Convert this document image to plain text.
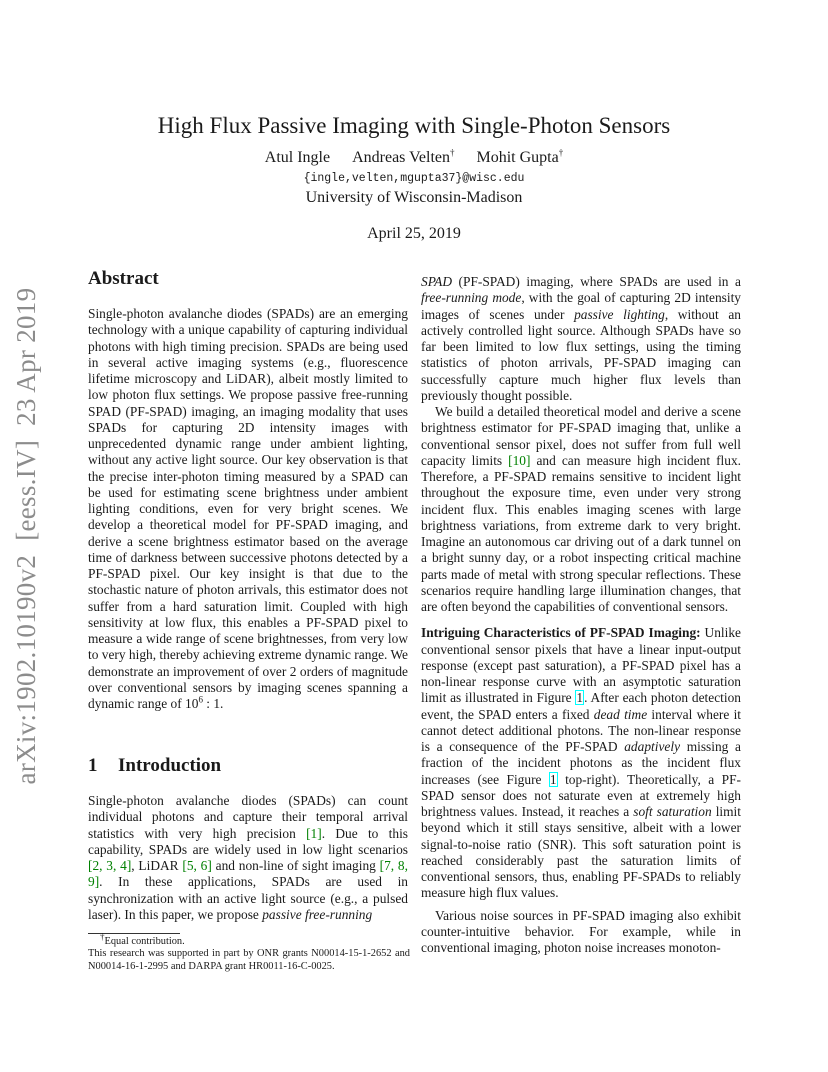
arXiv:1902.10190v2
[eess.IV]
23 Apr 2019
High Flux Passive Imaging with Single-Photon Sensors
Atul Ingle Andreas Velten† Mohit Gupta†
{ingle,velten,mgupta37}@wisc.edu
University of Wisconsin-Madison
April 25, 2019
Abstract

Single-photon avalanche diodes (SPADs) are an emerging technology with a unique capability of capturing individual photons with high timing precision. SPADs are being used in several active imaging systems (e.g., fluorescence lifetime microscopy and LiDAR), albeit mostly limited to low photon flux settings. We propose passive free-running SPAD (PF-SPAD) imaging, an imaging modality that uses SPADs for capturing 2D intensity images with unprecedented dynamic range under ambient lighting, without any active light source. Our key observation is that the precise inter-photon timing measured by a SPAD can be used for estimating scene brightness under ambient lighting conditions, even for very bright scenes. We develop a theoretical model for PF-SPAD imaging, and derive a scene brightness estimator based on the average time of darkness between successive photons detected by a PF-SPAD pixel. Our key insight is that due to the stochastic nature of photon arrivals, this estimator does not suffer from a hard saturation limit. Coupled with high sensitivity at low flux, this enables a PF-SPAD pixel to measure a wide range of scene brightnesses, from very low to very high, thereby achieving extreme dynamic range. We demonstrate an improvement of over 2 orders of magnitude over conventional sensors by imaging scenes spanning a dynamic range of $10^6$ : 1.

1 Introduction

Single-photon avalanche diodes (SPADs) can count individual photons and capture their temporal arrival statistics with very high precision [1]. Due to this capability, SPADs are widely used in low light scenarios [2, 3, 4], LiDAR [5, 6] and non-line of sight imaging [7, 8, 9]. In these applications, SPADs are used in synchronization with an active light source (e.g., a pulsed laser). In this paper, we propose passive free-running

†Equal contribution.

This research was supported in part by ONR grants N00014-15-1-2652 and N00014-16-1-2995 and DARPA grant HR0011-16-C-0025.

SPAD (PF-SPAD) imaging, where SPADs are used in a free-running mode, with the goal of capturing 2D intensity images of scenes under passive lighting, without an actively controlled light source. Although SPADs have so far been limited to low flux settings, using the timing statistics of photon arrivals, PF-SPAD imaging can successfully capture much higher flux levels than previously thought possible.

We build a detailed theoretical model and derive a scene brightness estimator for PF-SPAD imaging that, unlike a conventional sensor pixel, does not suffer from full well capacity limits [10] and can measure high incident flux. Therefore, a PF-SPAD remains sensitive to incident light throughout the exposure time, even under very strong incident flux. This enables imaging scenes with large brightness variations, from extreme dark to very bright. Imagine an autonomous car driving out of a dark tunnel on a bright sunny day, or a robot inspecting critical machine parts made of metal with strong specular reflections. These scenarios require handling large illumination changes, that are often beyond the capabilities of conventional sensors.

Intriguing Characteristics of PF-SPAD Imaging: Unlike conventional sensor pixels that have a linear input-output response (except past saturation), a PF-SPAD pixel has a non-linear response curve with an asymptotic saturation limit as illustrated in Figure 1. After each photon detection event, the SPAD enters a fixed dead time interval where it cannot detect additional photons. The non-linear response is a consequence of the PF-SPAD adaptively missing a fraction of the incident photons as the incident flux increases (see Figure 1 top-right). Theoretically, a PF-SPAD sensor does not saturate even at extremely high brightness values. Instead, it reaches a soft saturation limit beyond which it still stays sensitive, albeit with a lower signal-to-noise ratio (SNR). This soft saturation point is reached considerably past the saturation limits of conventional sensors, thus, enabling PF-SPADs to reliably measure high flux values.

Various noise sources in PF-SPAD imaging also exhibit counter-intuitive behavior. For example, while in conventional imaging, photon noise increases monoton-
